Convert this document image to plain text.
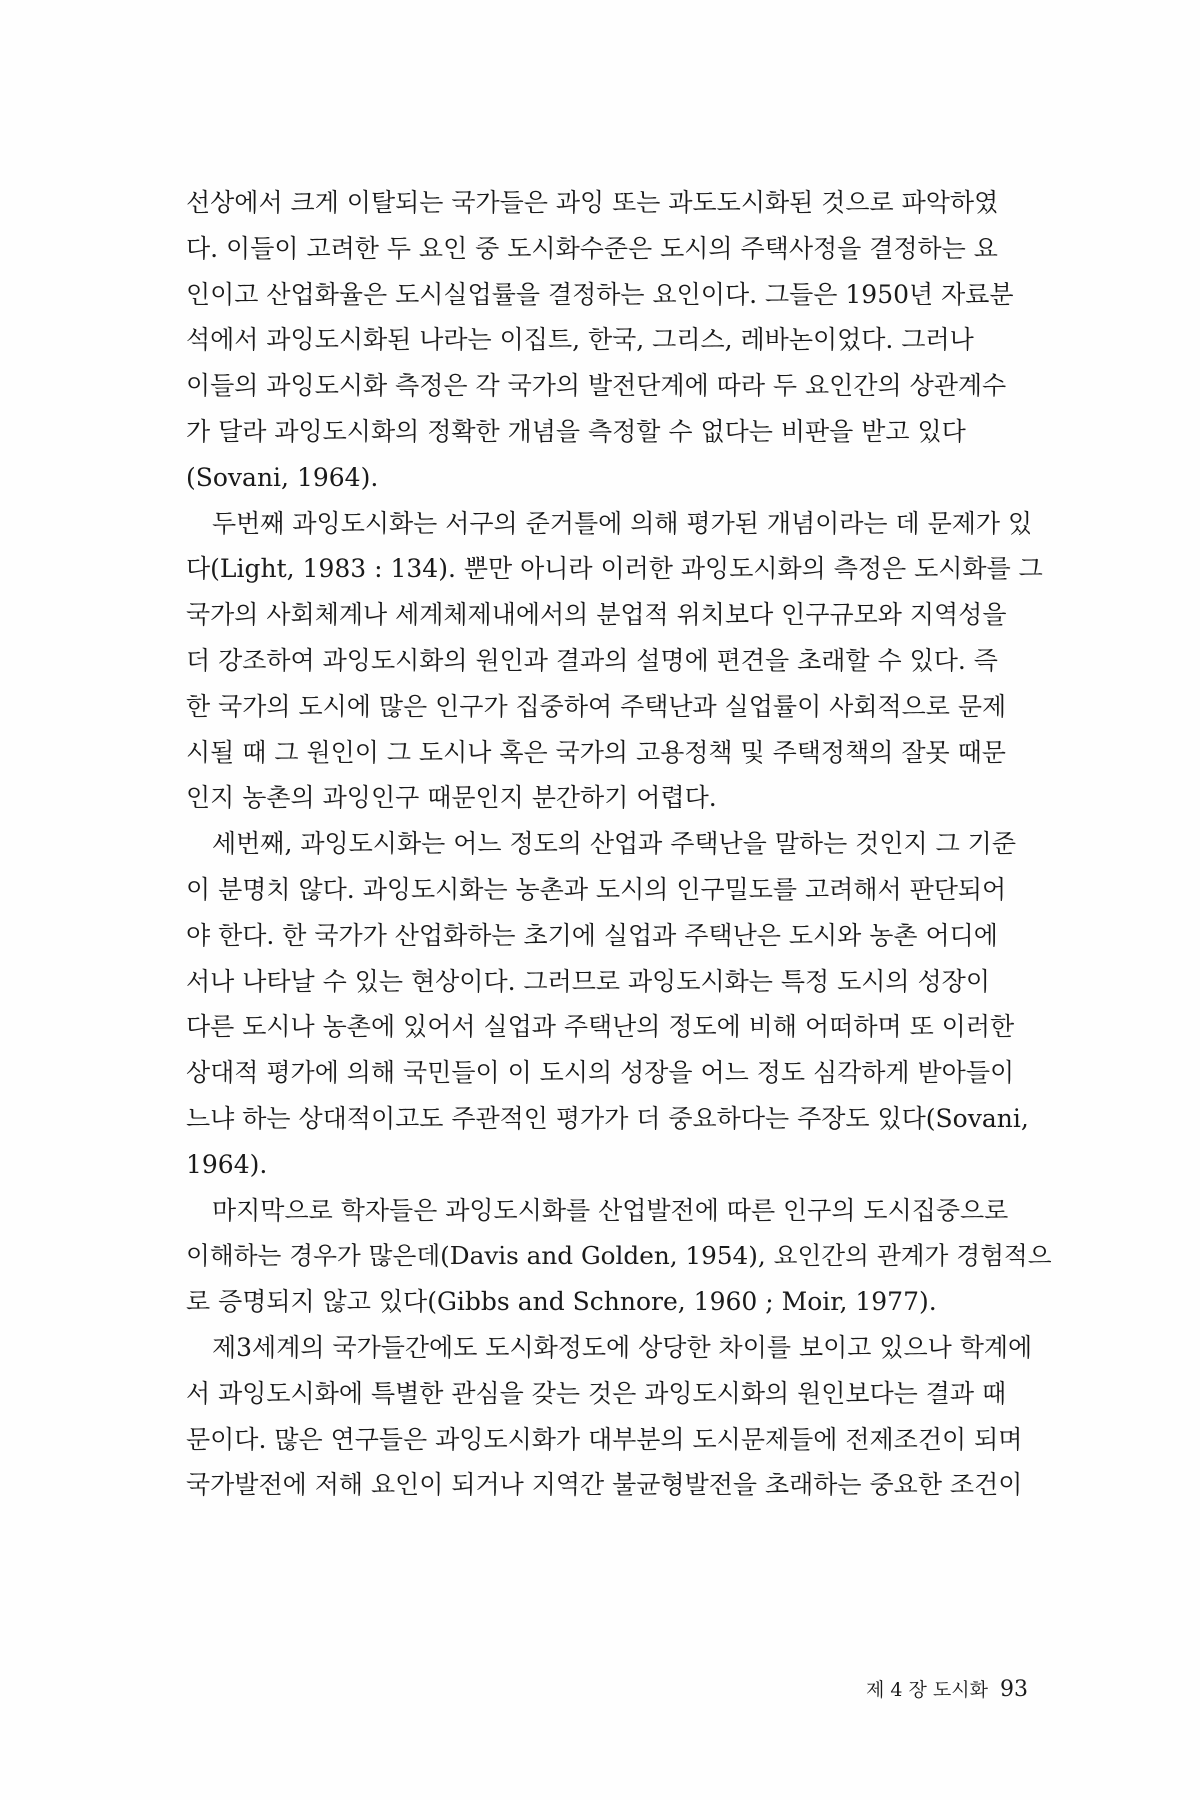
선상에서 크게 이탈되는 국가들은 과잉 또는 과도도시화된 것으로 파악하였
다. 이들이 고려한 두 요인 중 도시화수준은 도시의 주택사정을 결정하는 요
인이고 산업화율은 도시실업률을 결정하는 요인이다. 그들은 1950년 자료분
석에서 과잉도시화된 나라는 이집트, 한국, 그리스, 레바논이었다. 그러나
이들의 과잉도시화 측정은 각 국가의 발전단계에 따라 두 요인간의 상관계수
가 달라 과잉도시화의 정확한 개념을 측정할 수 없다는 비판을 받고 있다
(Sovani, 1964).
두번째 과잉도시화는 서구의 준거틀에 의해 평가된 개념이라는 데 문제가 있
다(Light, 1983 : 134). 뿐만 아니라 이러한 과잉도시화의 측정은 도시화를 그
국가의 사회체계나 세계체제내에서의 분업적 위치보다 인구규모와 지역성을
더 강조하여 과잉도시화의 원인과 결과의 설명에 편견을 초래할 수 있다. 즉
한 국가의 도시에 많은 인구가 집중하여 주택난과 실업률이 사회적으로 문제
시될 때 그 원인이 그 도시나 혹은 국가의 고용정책 및 주택정책의 잘못 때문
인지 농촌의 과잉인구 때문인지 분간하기 어렵다.
세번째, 과잉도시화는 어느 정도의 산업과 주택난을 말하는 것인지 그 기준
이 분명치 않다. 과잉도시화는 농촌과 도시의 인구밀도를 고려해서 판단되어
야 한다. 한 국가가 산업화하는 초기에 실업과 주택난은 도시와 농촌 어디에
서나 나타날 수 있는 현상이다. 그러므로 과잉도시화는 특정 도시의 성장이
다른 도시나 농촌에 있어서 실업과 주택난의 정도에 비해 어떠하며 또 이러한
상대적 평가에 의해 국민들이 이 도시의 성장을 어느 정도 심각하게 받아들이
느냐 하는 상대적이고도 주관적인 평가가 더 중요하다는 주장도 있다(Sovani,
1964).
마지막으로 학자들은 과잉도시화를 산업발전에 따른 인구의 도시집중으로
이해하는 경우가 많은데(Davis and Golden, 1954), 요인간의 관계가 경험적으
로 증명되지 않고 있다(Gibbs and Schnore, 1960 ; Moir, 1977).
제3세계의 국가들간에도 도시화정도에 상당한 차이를 보이고 있으나 학계에
서 과잉도시화에 특별한 관심을 갖는 것은 과잉도시화의 원인보다는 결과 때
문이다. 많은 연구들은 과잉도시화가 대부분의 도시문제들에 전제조건이 되며
국가발전에 저해 요인이 되거나 지역간 불균형발전을 초래하는 중요한 조건이
제 4 장 도시화 93
